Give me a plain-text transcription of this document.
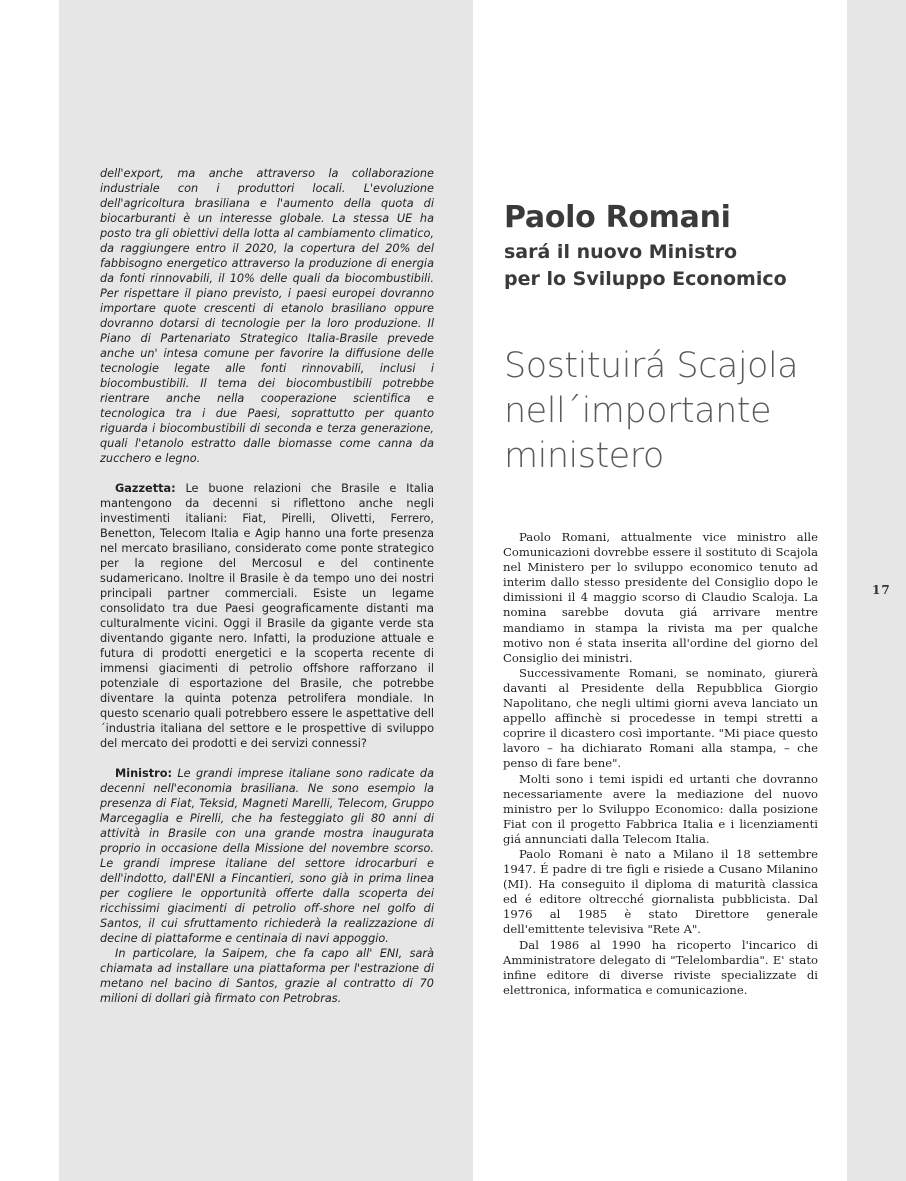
dell'export, ma anche attraverso la collaborazione industriale con i produttori locali. L'evoluzione dell'agricoltura brasiliana e l'aumento della quota di biocarburanti è un interesse globale. La stessa UE ha posto tra gli obiettivi della lotta al cambiamento climatico, da raggiungere entro il 2020, la copertura del 20% del fabbisogno energetico attraverso la produzione di energia da fonti rinnovabili, il 10% delle quali da biocombustibili. Per rispettare il piano previsto, i paesi europei dovranno importare quote crescenti di etanolo brasiliano oppure dovranno dotarsi di tecnologie per la loro produzione. Il Piano di Partenariato Strategico Italia-Brasile prevede anche un' intesa comune per favorire la diffusione delle tecnologie legate alle fonti rinnovabili, inclusi i biocombustibili. Il tema dei biocombustibili potrebbe rientrare anche nella cooperazione scientifica e tecnologica tra i due Paesi, soprattutto per quanto riguarda i biocombustibili di seconda e terza generazione, quali l'etanolo estratto dalle biomasse come canna da zucchero e legno.

Gazzetta: Le buone relazioni che Brasile e Italia mantengono da decenni si riflettono anche negli investimenti italiani: Fiat, Pirelli, Olivetti, Ferrero, Benetton, Telecom Italia e Agip hanno una forte presenza nel mercato brasiliano, considerato come ponte strategico per la regione del Mercosul e del continente sudamericano. Inoltre il Brasile è da tempo uno dei nostri principali partner commerciali. Esiste un legame consolidato tra due Paesi geograficamente distanti ma culturalmente vicini. Oggi il Brasile da gigante verde sta diventando gigante nero. Infatti, la produzione attuale e futura di prodotti energetici e la scoperta recente di immensi giacimenti di petrolio offshore rafforzano il potenziale di esportazione del Brasile, che potrebbe diventare la quinta potenza petrolifera mondiale. In questo scenario quali potrebbero essere le aspettative dell´industria italiana del settore e le prospettive di sviluppo del mercato dei prodotti e dei servizi connessi?

Ministro: Le grandi imprese italiane sono radicate da decenni nell'economia brasiliana. Ne sono esempio la presenza di Fiat, Teksid, Magneti Marelli, Telecom, Gruppo Marcegaglia e Pirelli, che ha festeggiato gli 80 anni di attività in Brasile con una grande mostra inaugurata proprio in occasione della Missione del novembre scorso. Le grandi imprese italiane del settore idrocarburi e dell'indotto, dall'ENI a Fincantieri, sono già in prima linea per cogliere le opportunità offerte dalla scoperta dei ricchissimi giacimenti di petrolio off-shore nel golfo di Santos, il cui sfruttamento richiederà la realizzazione di decine di piattaforme e centinaia di navi appoggio.

In particolare, la Saipem, che fa capo all' ENI, sarà chiamata ad installare una piattaforma per l'estrazione di metano nel bacino di Santos, grazie al contratto di 70 milioni di dollari già firmato con Petrobras.

Paolo Romani
sará il nuovo Ministro
per lo Sviluppo Economico
Sostituirá Scajola
nell´importante
ministero

Paolo Romani, attualmente vice ministro alle Comunicazioni dovrebbe essere il sostituto di Scajola nel Ministero per lo sviluppo economico tenuto ad interim dallo stesso presidente del Consiglio dopo le dimissioni il 4 maggio scorso di Claudio Scaloja. La nomina sarebbe dovuta giá arrivare mentre mandiamo in stampa la rivista ma per qualche motivo non é stata inserita all'ordine del giorno del Consiglio dei ministri.

Successivamente Romani, se nominato, giurerà davanti al Presidente della Repubblica Giorgio Napolitano, che negli ultimi giorni aveva lanciato un appello affinchè si procedesse in tempi stretti a coprire il dicastero così importante. "Mi piace questo lavoro – ha dichiarato Romani alla stampa, – che penso di fare bene".

Molti sono i temi ispidi ed urtanti che dovranno necessariamente avere la mediazione del nuovo ministro per lo Sviluppo Economico: dalla posizione Fiat con il progetto Fabbrica Italia e i licenziamenti giá annunciati dalla Telecom Italia.

Paolo Romani è nato a Milano il 18 settembre 1947. É padre di tre figli e risiede a Cusano Milanino (MI). Ha conseguito il diploma di maturità classica ed é editore oltrecché giornalista pubblicista. Dal 1976 al 1985 è stato Direttore generale dell'emittente televisiva "Rete A".

Dal 1986 al 1990 ha ricoperto l'incarico di Amministratore delegato di "Telelombardia". E' stato infine editore di diverse riviste specializzate di elettronica, informatica e comunicazione.

17
